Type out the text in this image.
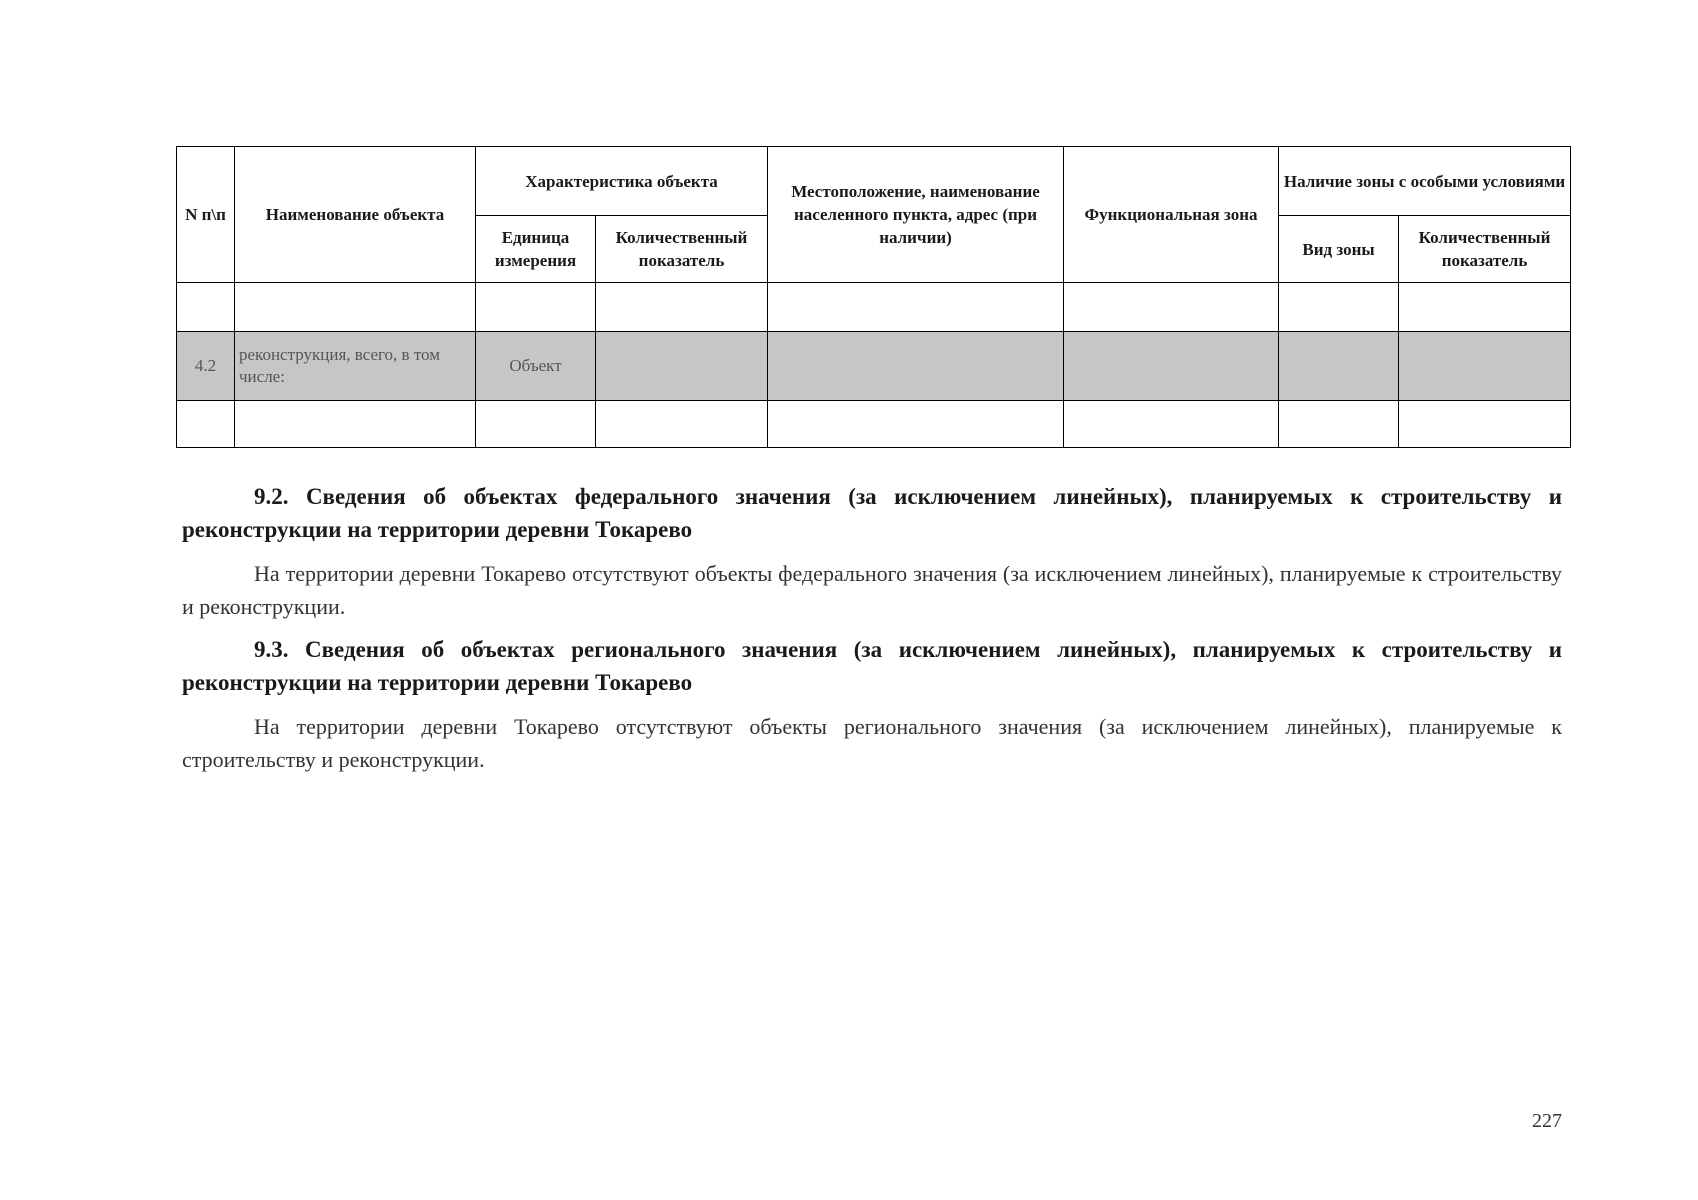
N п\п	Наименование объекта	Характеристика объекта		Местоположение, наименование населенного пункта, адрес (при наличии)	Функциональная зона	Наличие зоны с особыми условиями	
		Единица измерения	Количественный показатель			Вид зоны	Количественный показатель

4.2	реконструкция, всего, в том числе:	Объект					

9.2. Сведения об объектах федерального значения (за исключением линейных), планируемых к строительству и реконструкции на территории деревни Токарево

На территории деревни Токарево отсутствуют объекты федерального значения (за исключением линейных), планируемые к строительству и реконструкции.

9.3. Сведения об объектах регионального значения (за исключением линейных), планируемых к строительству и реконструкции на территории деревни Токарево

На территории деревни Токарево отсутствуют объекты регионального значения (за исключением линейных), планируемые к строительству и реконструкции.

227
